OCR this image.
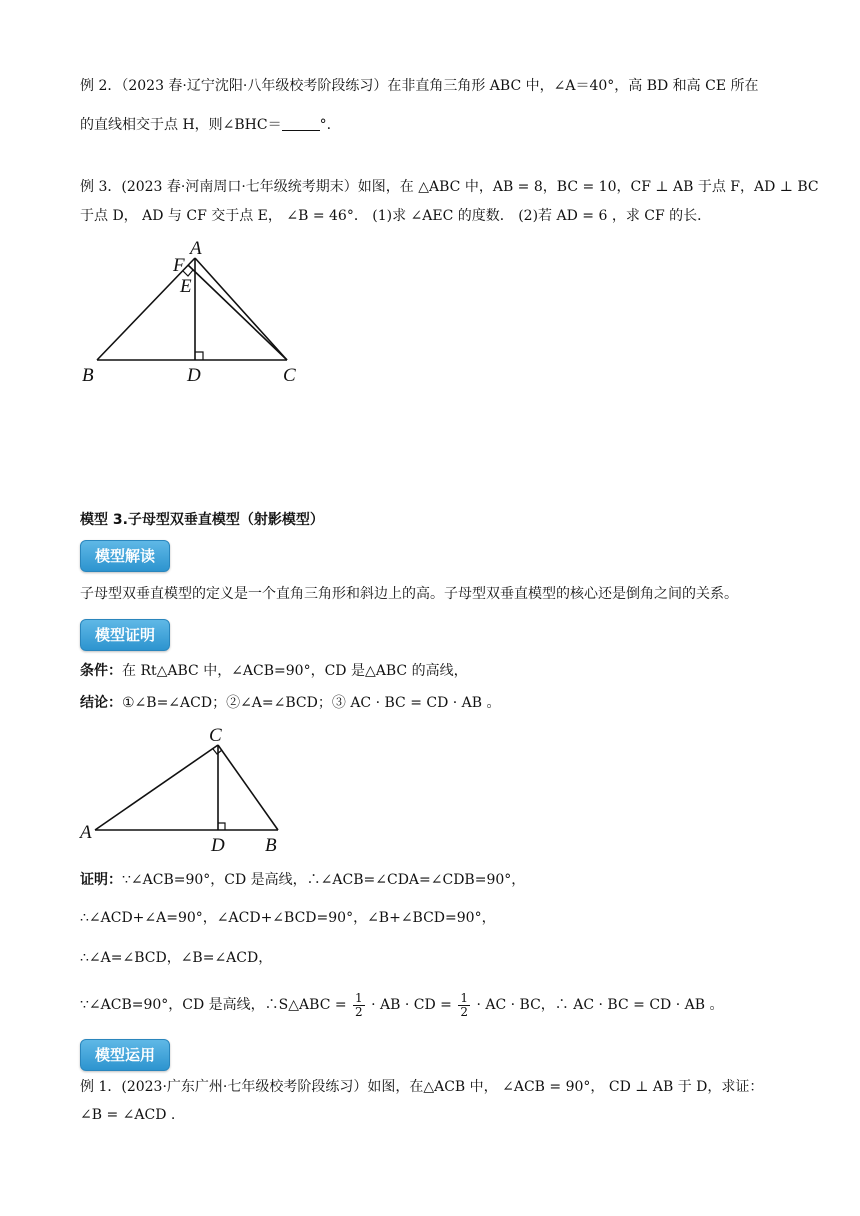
例 2．（2023 春·辽宁沈阳·八年级校考阶段练习）在非直角三角形 ABC 中，∠A＝40°，高 BD 和高 CE 所在
的直线相交于点 H，则∠BHC＝	°.
例 3．(2023 春·河南周口·七年级统考期末）如图，在 △ABC 中，AB = 8，BC = 10，CF ⊥ AB 于点 F，AD ⊥ BC
于点 D， AD 与 CF 交于点 E， ∠B = 46°． (1)求 ∠AEC 的度数． (2)若 AD = 6 ，求 CF 的长．
A
F
E
B	D	C
C
A
D B
模型 3.子母型双垂直模型（射影模型）
模型解读
子母型双垂直模型的定义是一个直角三角形和斜边上的高。子母型双垂直模型的核心还是倒角之间的关系。
模型证明
条件：在 Rt△ABC 中，∠ACB=90°，CD 是△ABC 的高线，
结论：①∠B=∠ACD；②∠A=∠BCD；③ AC · BC = CD · AB 。
证明：∵∠ACB=90°，CD 是高线，∴∠ACB=∠CDA=∠CDB=90°，
∴∠ACD+∠A=90°，∠ACD+∠BCD=90°，∠B+∠BCD=90°，
∴∠A=∠BCD，∠B=∠ACD，
∵∠ACB=90°，CD 是高线，∴S△ABC = $\frac{1}{2}$ · AB · CD = $\frac{1}{2}$ · AC · BC，∴ AC · BC = CD · AB 。
模型运用
例 1．(2023·广东广州·七年级校考阶段练习）如图，在△ACB 中， ∠ACB = 90°， CD ⊥ AB 于 D，求证：
∠B = ∠ACD .
